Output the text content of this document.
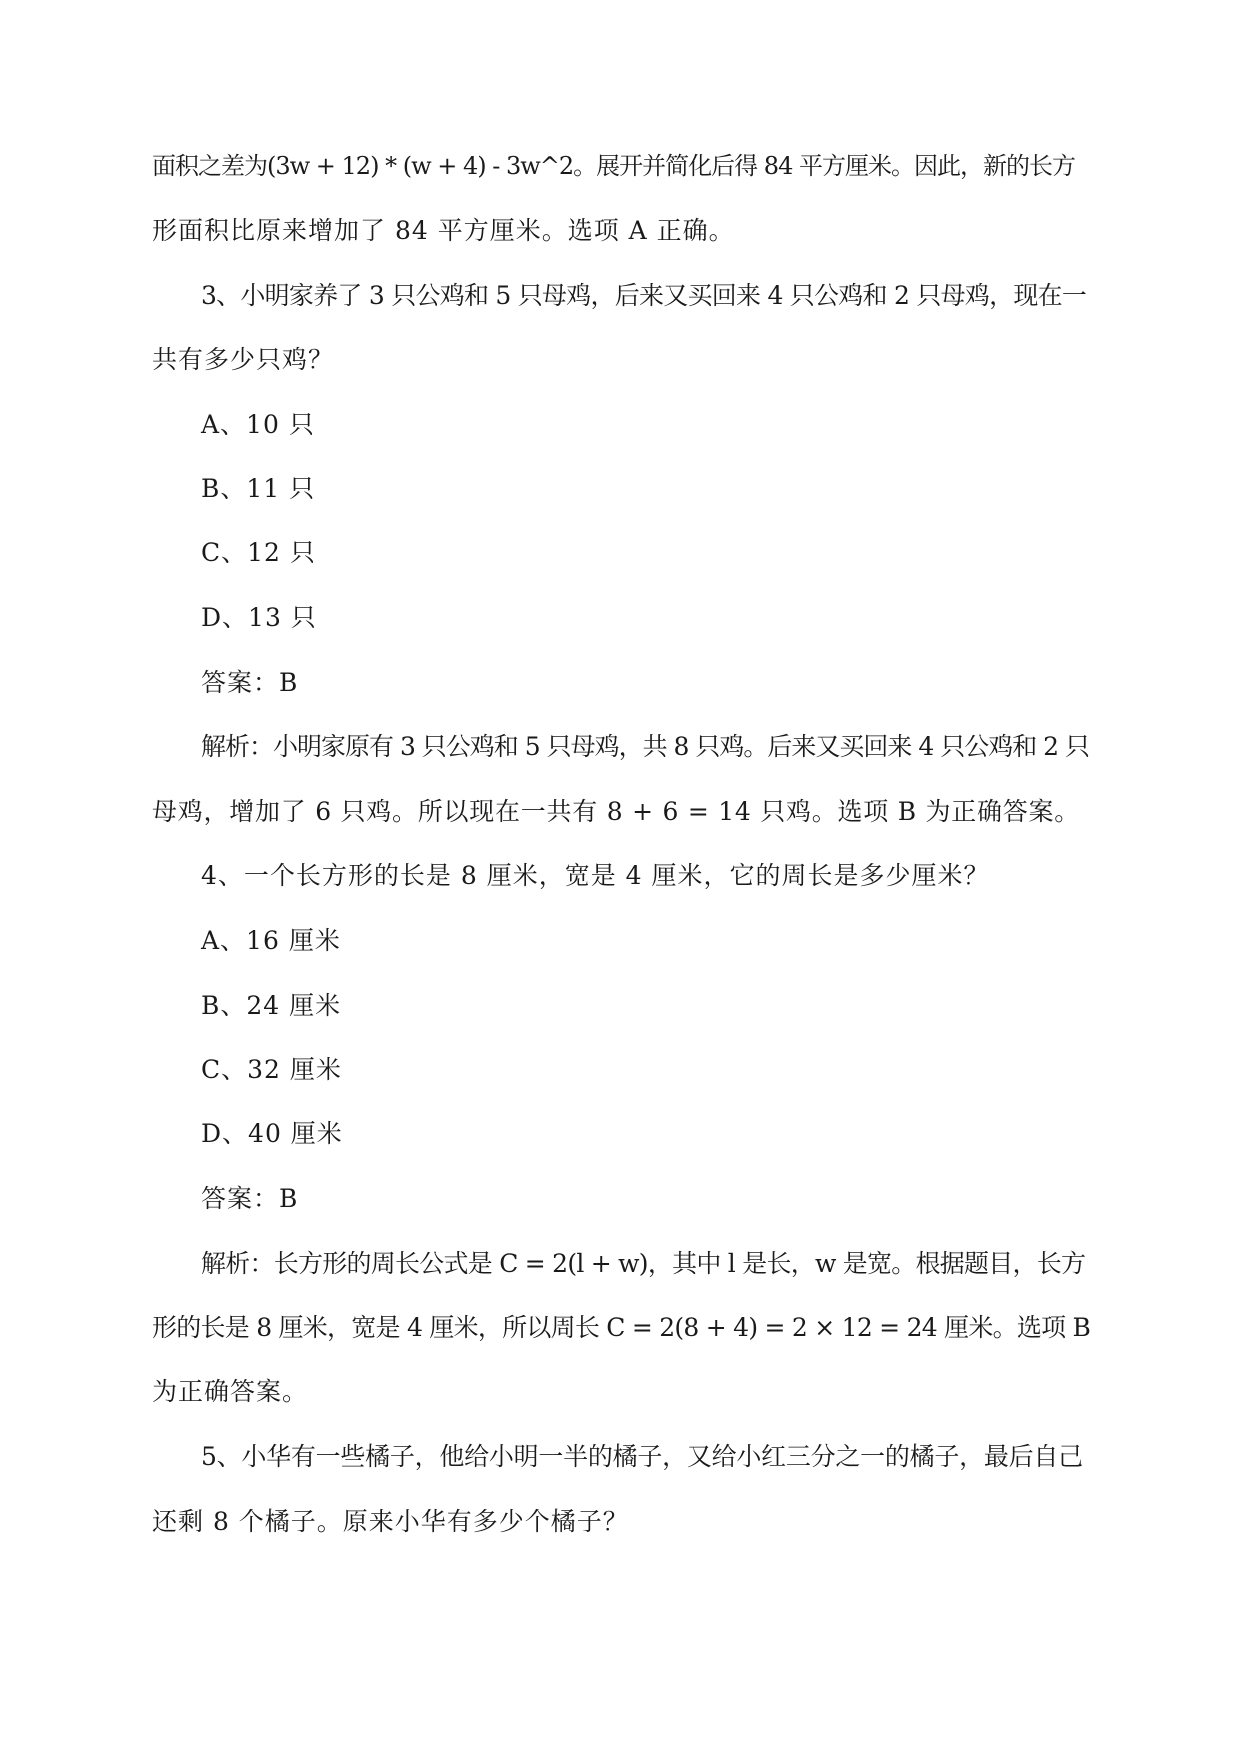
面积之差为(3w + 12) * (w + 4) - 3w^2。展开并简化后得 84 平方厘米。因此，新的长方
形面积比原来增加了 84 平方厘米。选项 A 正确。
3、小明家养了 3 只公鸡和 5 只母鸡，后来又买回来 4 只公鸡和 2 只母鸡，现在一
共有多少只鸡？
A、10 只
B、11 只
C、12 只
D、13 只
答案：B
解析：小明家原有 3 只公鸡和 5 只母鸡，共 8 只鸡。后来又买回来 4 只公鸡和 2 只
母鸡，增加了 6 只鸡。所以现在一共有 8 + 6 = 14 只鸡。选项 B 为正确答案。
4、一个长方形的长是 8 厘米，宽是 4 厘米，它的周长是多少厘米？
A、16 厘米
B、24 厘米
C、32 厘米
D、40 厘米
答案：B
解析：长方形的周长公式是 C = 2(l + w)，其中 l 是长，w 是宽。根据题目，长方
形的长是 8 厘米，宽是 4 厘米，所以周长 C = 2(8 + 4) = 2 × 12 = 24 厘米。选项 B
为正确答案。
5、小华有一些橘子，他给小明一半的橘子，又给小红三分之一的橘子，最后自己
还剩 8 个橘子。原来小华有多少个橘子？
